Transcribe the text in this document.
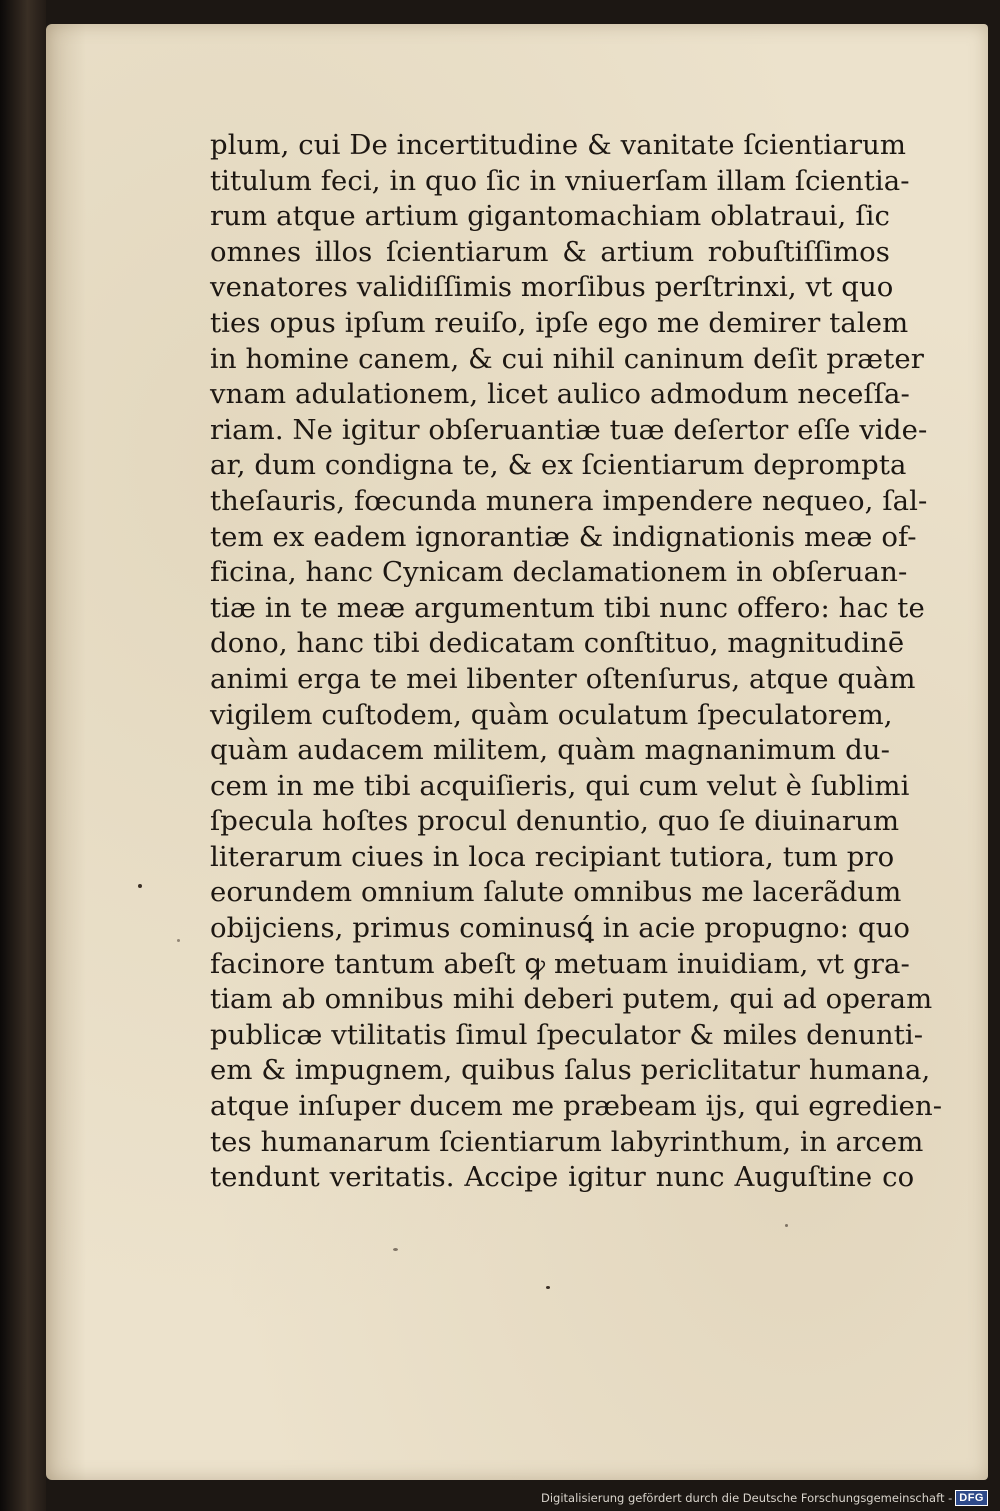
plum, cui De incertitudine & vanitate ſcientiarum
titulum feci, in quo ſic in vniuerſam illam ſcientia-
rum atque artium gigantomachiam oblatraui, ſic
omnes illos ſcientiarum & artium robuſtiſſimos
venatores validiſſimis morſibus perſtrinxi, vt quo
ties opus ipſum reuiſo, ipſe ego me demirer talem
in homine canem, & cui nihil caninum deſit præter
vnam adulationem, licet aulico admodum neceſſa-
riam. Ne igitur obſeruantiæ tuæ deſertor eſſe vide-
ar, dum condigna te, & ex ſcientiarum deprompta
theſauris, fœcunda munera impendere nequeo, ſal-
tem ex eadem ignorantiæ & indignationis meæ of-
ficina, hanc Cynicam declamationem in obſeruan-
tiæ in te meæ argumentum tibi nunc offero: hac te
dono, hanc tibi dedicatam conſtituo, magnitudinē
animi erga te mei libenter oſtenſurus, atque quàm
vigilem cuſtodem, quàm oculatum ſpeculatorem,
quàm audacem militem, quàm magnanimum du-
cem in me tibi acquiſieris, qui cum velut è ſublimi
ſpecula hoſtes procul denuntio, quo ſe diuinarum
literarum ciues in loca recipiant tutiora, tum pro
eorundem omnium ſalute omnibus me lacerãdum
obijciens, primus cominusꝗ́ in acie propugno: quo
facinore tantum abeſt ꝙ metuam inuidiam, vt gra-
tiam ab omnibus mihi deberi putem, qui ad operam
publicæ vtilitatis ſimul ſpeculator & miles denunti-
em & impugnem, quibus ſalus periclitatur humana,
atque inſuper ducem me præbeam ijs, qui egredien-
tes humanarum ſcientiarum labyrinthum, in arcem
tendunt veritatis. Accipe igitur nunc Auguſtine co
Digitalisierung gefördert durch die Deutsche Forschungsgemeinschaft - DFG
